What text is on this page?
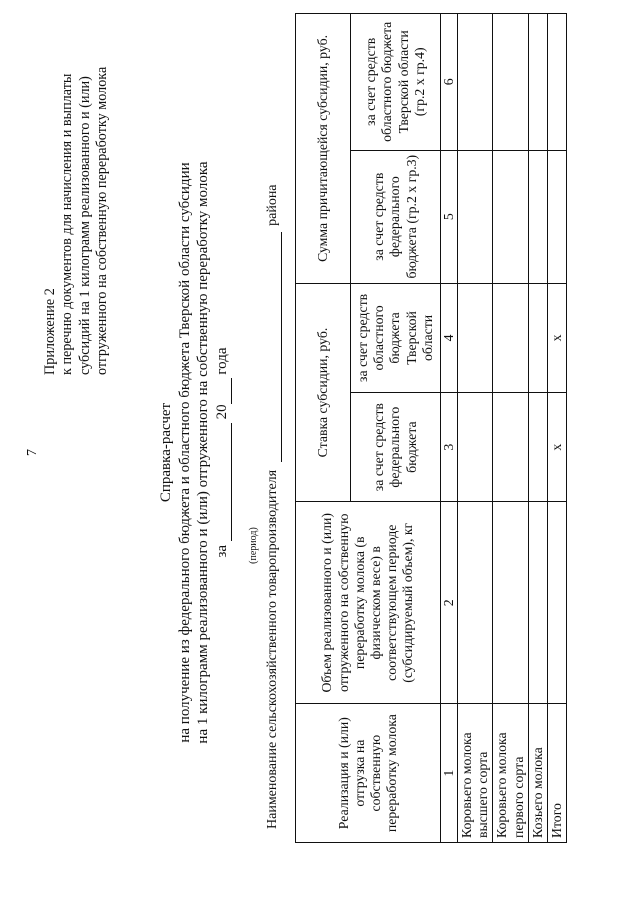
7
Приложение 2 к перечню документов для начисления и выплаты субсидий на 1 килограмм реализованного и (или) отгруженного на собственную переработку молока
Справка-расчет на получение из федерального бюджета и областного бюджета Тверской области субсидии на 1 килограмм реализованного и (или) отгруженного на собственную переработку молока за   20  года
(период) Наименование сельскохозяйственного товаропроизводителя района
Реализация и (или) отгрузка на собственную переработку молока	Объем реализованного и (или) отгруженного на собственную переработку молока (в физическом весе) в соответствующем периоде (субсидируемый объем), кг	Ставка субсидии, руб.		Сумма причитающейся субсидии, руб.	
		за счет средств федерального бюджета	за счет средств областного бюджета Тверской области	за счет средств федерального бюджета (гр.2 х гр.3)	за счет средств областного бюджета Тверской области (гр.2 х гр.4)
1	2	3	4	5	6
Коровьего молока высшего сорта					
Коровьего молока первого сорта					
Козьего молока					
Итого		х	х		
